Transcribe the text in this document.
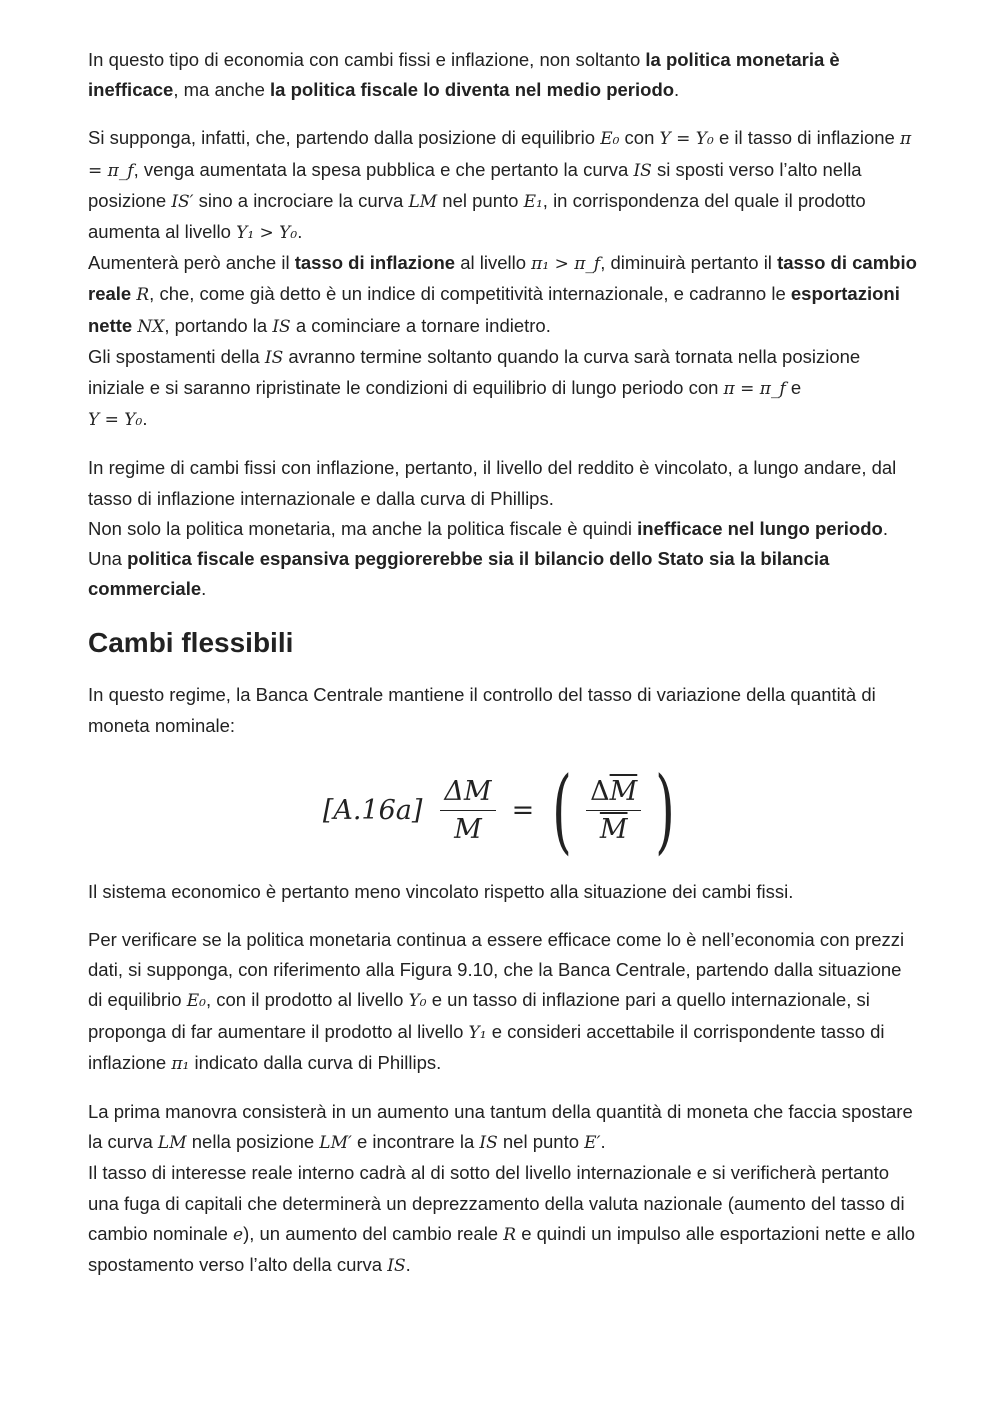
In questo tipo di economia con cambi fissi e inflazione, non soltanto la politica monetaria è inefficace, ma anche la politica fiscale lo diventa nel medio periodo.

Si supponga, infatti, che, partendo dalla posizione di equilibrio E₀ con Y = Y₀ e il tasso di inflazione π = π_f, venga aumentata la spesa pubblica e che pertanto la curva IS si sposti verso l’alto nella posizione IS′ sino a incrociare la curva LM nel punto E₁, in corrispondenza del quale il prodotto aumenta al livello Y₁ > Y₀.
Aumenterà però anche il tasso di inflazione al livello π₁ > π_f, diminuirà pertanto il tasso di cambio reale R, che, come già detto è un indice di competitività internazionale, e cadranno le esportazioni nette NX, portando la IS a cominciare a tornare indietro.
Gli spostamenti della IS avranno termine soltanto quando la curva sarà tornata nella posizione
iniziale e si saranno ripristinate le condizioni di equilibrio di lungo periodo con π = π_f e
Y = Y₀.

In regime di cambi fissi con inflazione, pertanto, il livello del reddito è vincolato, a lungo andare, dal tasso di inflazione internazionale e dalla curva di Phillips.
Non solo la politica monetaria, ma anche la politica fiscale è quindi inefficace nel lungo periodo.
Una politica fiscale espansiva peggiorerebbe sia il bilancio dello Stato sia la bilancia commerciale.

Cambi flessibili

In questo regime, la Banca Centrale mantiene il controllo del tasso di variazione della quantità di moneta nominale:

$[A.16a] \frac{\Delta M}{M}$ = ( $\frac{\Delta\overline{M}}{M}$ )

Il sistema economico è pertanto meno vincolato rispetto alla situazione dei cambi fissi.

Per verificare se la politica monetaria continua a essere efficace come lo è nell’economia con prezzi dati, si supponga, con riferimento alla Figura 9.10, che la Banca Centrale, partendo dalla situazione di equilibrio E₀, con il prodotto al livello Y₀ e un tasso di inflazione pari a quello internazionale, si proponga di far aumentare il prodotto al livello Y₁ e consideri accettabile il corrispondente tasso di inflazione π₁ indicato dalla curva di Phillips.

La prima manovra consisterà in un aumento una tantum della quantità di moneta che faccia spostare la curva LM nella posizione LM′ e incontrare la IS nel punto E′.
Il tasso di interesse reale interno cadrà al di sotto del livello internazionale e si verificherà pertanto una fuga di capitali che determinerà un deprezzamento della valuta nazionale (aumento del tasso di cambio nominale e), un aumento del cambio reale R e quindi un impulso alle esportazioni nette e allo spostamento verso l’alto della curva IS.
